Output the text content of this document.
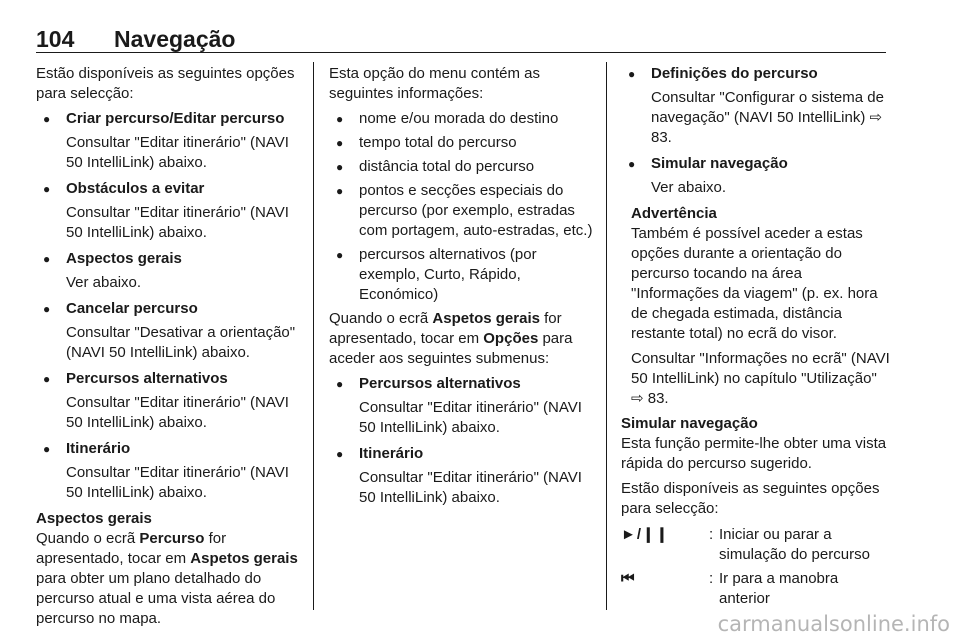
104 Navegação

Estão disponíveis as seguintes opções para selecção:

● Criar percurso/Editar percurso

Consultar "Editar itinerário" (NAVI 50 IntelliLink) abaixo.

● Obstáculos a evitar

Consultar "Editar itinerário" (NAVI 50 IntelliLink) abaixo.

● Aspectos gerais

Ver abaixo.

● Cancelar percurso

Consultar "Desativar a orientação" (NAVI 50 IntelliLink) abaixo.

● Percursos alternativos

Consultar "Editar itinerário" (NAVI 50 IntelliLink) abaixo.

● Itinerário

Consultar "Editar itinerário" (NAVI 50 IntelliLink) abaixo.

Aspectos gerais

Quando o ecrã Percurso for apresentado, tocar em Aspetos gerais para obter um plano detalhado do percurso atual e uma vista aérea do percurso no mapa.

Esta opção do menu contém as seguintes informações:

● nome e/ou morada do destino

● tempo total do percurso

● distância total do percurso

● pontos e secções especiais do percurso (por exemplo, estradas com portagem, auto-estradas, etc.)

● percursos alternativos (por exemplo, Curto, Rápido, Económico)

Quando o ecrã Aspetos gerais for apresentado, tocar em Opções para aceder aos seguintes submenus:

● Percursos alternativos

Consultar "Editar itinerário" (NAVI 50 IntelliLink) abaixo.

● Itinerário

Consultar "Editar itinerário" (NAVI 50 IntelliLink) abaixo.

● Definições do percurso

Consultar "Configurar o sistema de navegação" (NAVI 50 IntelliLink) ⇨ 83.

● Simular navegação

Ver abaixo.

Advertência

Também é possível aceder a estas opções durante a orientação do percurso tocando na área "Informações da viagem" (p. ex. hora de chegada estimada, distância restante total) no ecrã do visor.

Consultar "Informações no ecrã" (NAVI 50 IntelliLink) no capítulo "Utilização" ⇨ 83.

Simular navegação

Esta função permite-lhe obter uma vista rápida do percurso sugerido.

Estão disponíveis as seguintes opções para selecção:

►/❙❙	: Iniciar ou parar a simulação do percurso
⏮	: Ir para a manobra anterior
carmanualsonline.info
